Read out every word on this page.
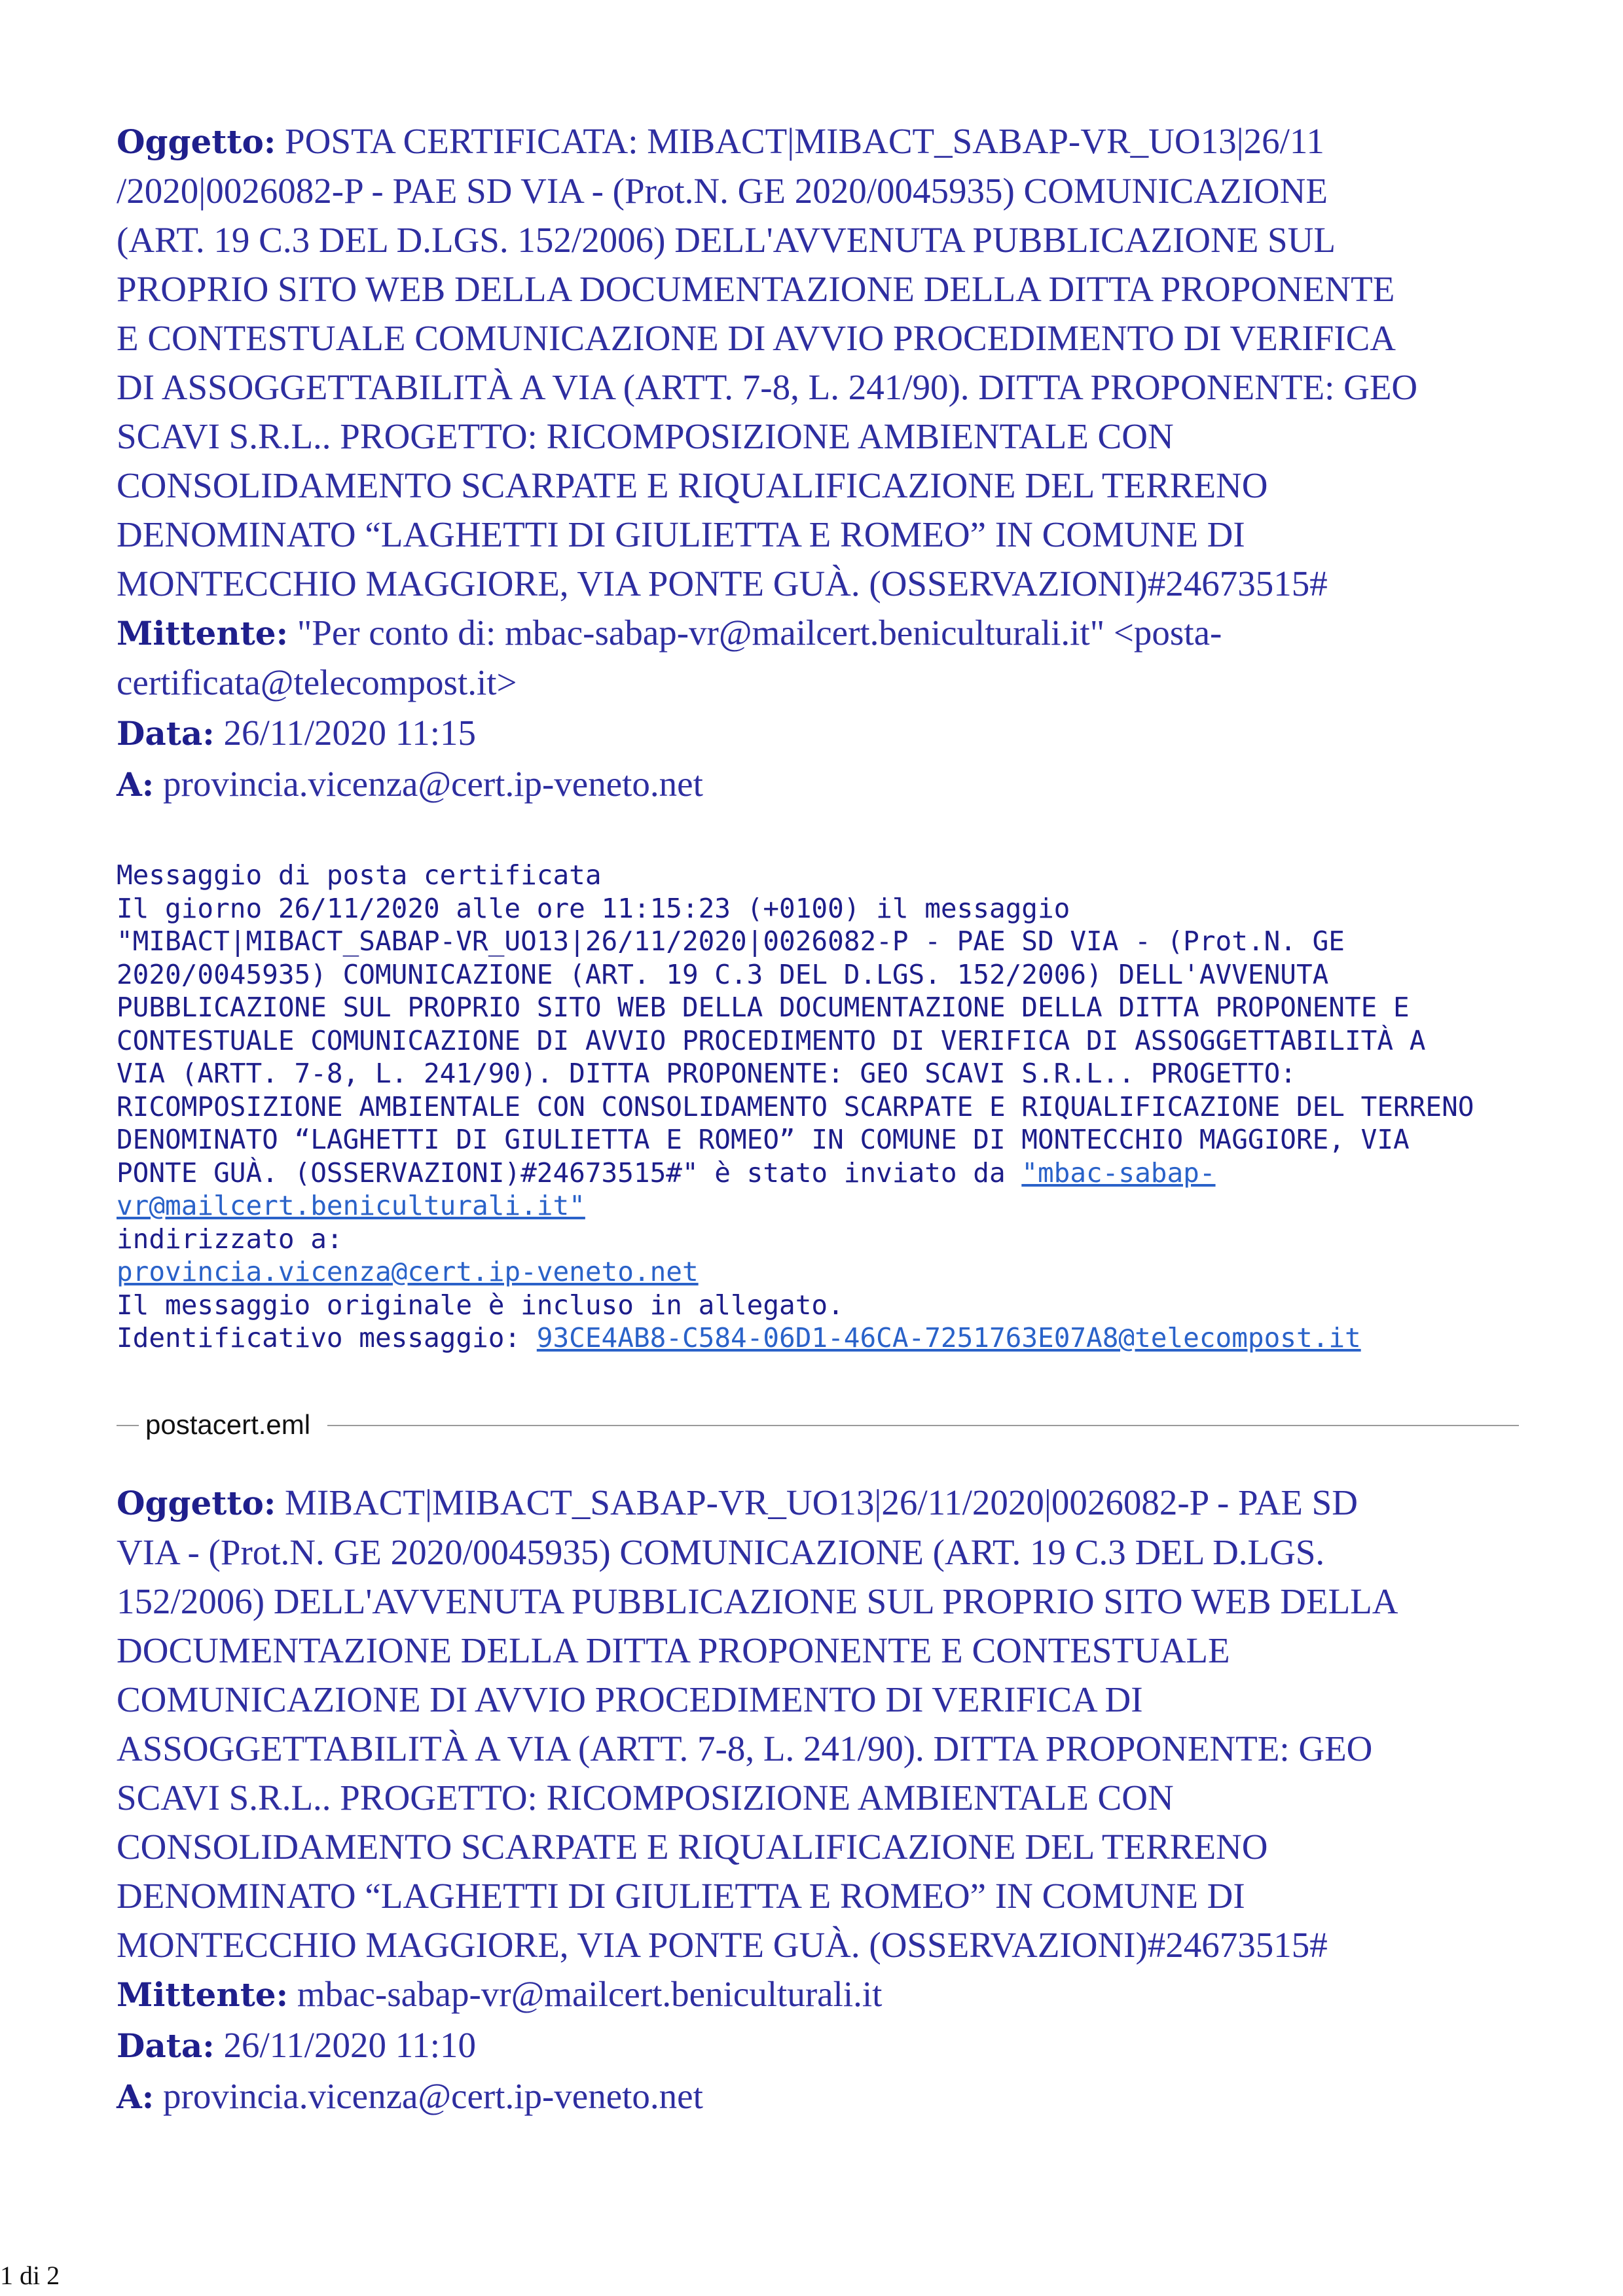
Oggetto: POSTA CERTIFICATA: MIBACT|MIBACT_SABAP-VR_UO13|26/11
/2020|0026082-P - PAE SD VIA - (Prot.N. GE 2020/0045935) COMUNICAZIONE
(ART. 19 C.3 DEL D.LGS. 152/2006) DELL'AVVENUTA PUBBLICAZIONE SUL
PROPRIO SITO WEB DELLA DOCUMENTAZIONE DELLA DITTA PROPONENTE
E CONTESTUALE COMUNICAZIONE DI AVVIO PROCEDIMENTO DI VERIFICA
DI ASSOGGETTABILITÀ A VIA (ARTT. 7-8, L. 241/90). DITTA PROPONENTE: GEO
SCAVI S.R.L.. PROGETTO: RICOMPOSIZIONE AMBIENTALE CON
CONSOLIDAMENTO SCARPATE E RIQUALIFICAZIONE DEL TERRENO
DENOMINATO “LAGHETTI DI GIULIETTA E ROMEO” IN COMUNE DI
MONTECCHIO MAGGIORE, VIA PONTE GUÀ. (OSSERVAZIONI)#24673515#
Mittente: "Per conto di: mbac-sabap-vr@mailcert.beniculturali.it" <posta-
certificata@telecompost.it>
Data: 26/11/2020 11:15
A: provincia.vicenza@cert.ip-veneto.net
Messaggio di posta certificata
Il giorno 26/11/2020 alle ore 11:15:23 (+0100) il messaggio
"MIBACT|MIBACT_SABAP-VR_UO13|26/11/2020|0026082-P - PAE SD VIA - (Prot.N. GE
2020/0045935) COMUNICAZIONE (ART. 19 C.3 DEL D.LGS. 152/2006) DELL'AVVENUTA
PUBBLICAZIONE SUL PROPRIO SITO WEB DELLA DOCUMENTAZIONE DELLA DITTA PROPONENTE E
CONTESTUALE COMUNICAZIONE DI AVVIO PROCEDIMENTO DI VERIFICA DI ASSOGGETTABILITÀ A
VIA (ARTT. 7-8, L. 241/90). DITTA PROPONENTE: GEO SCAVI S.R.L.. PROGETTO:
RICOMPOSIZIONE AMBIENTALE CON CONSOLIDAMENTO SCARPATE E RIQUALIFICAZIONE DEL TERRENO
DENOMINATO “LAGHETTI DI GIULIETTA E ROMEO” IN COMUNE DI MONTECCHIO MAGGIORE, VIA
PONTE GUÀ. (OSSERVAZIONI)#24673515#" è stato inviato da "mbac-sabap-
vr@mailcert.beniculturali.it"
indirizzato a:
provincia.vicenza@cert.ip-veneto.net
Il messaggio originale è incluso in allegato.
Identificativo messaggio: 93CE4AB8-C584-06D1-46CA-7251763E07A8@telecompost.it
postacert.eml
Oggetto: MIBACT|MIBACT_SABAP-VR_UO13|26/11/2020|0026082-P - PAE SD
VIA - (Prot.N. GE 2020/0045935) COMUNICAZIONE (ART. 19 C.3 DEL D.LGS.
152/2006) DELL'AVVENUTA PUBBLICAZIONE SUL PROPRIO SITO WEB DELLA
DOCUMENTAZIONE DELLA DITTA PROPONENTE E CONTESTUALE
COMUNICAZIONE DI AVVIO PROCEDIMENTO DI VERIFICA DI
ASSOGGETTABILITÀ A VIA (ARTT. 7-8, L. 241/90). DITTA PROPONENTE: GEO
SCAVI S.R.L.. PROGETTO: RICOMPOSIZIONE AMBIENTALE CON
CONSOLIDAMENTO SCARPATE E RIQUALIFICAZIONE DEL TERRENO
DENOMINATO “LAGHETTI DI GIULIETTA E ROMEO” IN COMUNE DI
MONTECCHIO MAGGIORE, VIA PONTE GUÀ. (OSSERVAZIONI)#24673515#
Mittente: mbac-sabap-vr@mailcert.beniculturali.it
Data: 26/11/2020 11:10
A: provincia.vicenza@cert.ip-veneto.net
1 di 2
